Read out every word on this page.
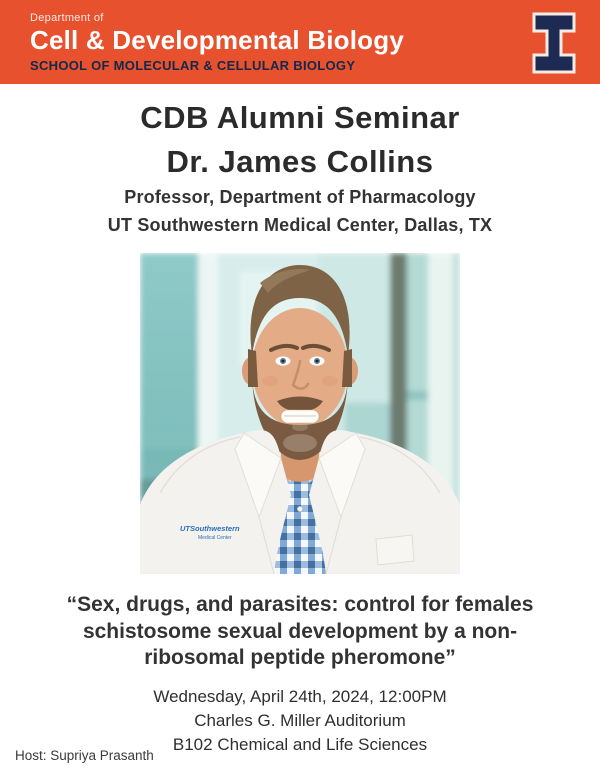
Department of
Cell & Developmental Biology
SCHOOL OF MOLECULAR & CELLULAR BIOLOGY
CDB Alumni Seminar
Dr. James Collins

Professor, Department of Pharmacology

UT Southwestern Medical Center, Dallas, TX

UTSouthwestern
Medical Center

“Sex, drugs, and parasites: control for females
schistosome sexual development by a non-
ribosomal peptide pheromone”

Wednesday, April 24th, 2024, 12:00PM

Charles G. Miller Auditorium

B102 Chemical and Life Sciences

Host: Supriya Prasanth
